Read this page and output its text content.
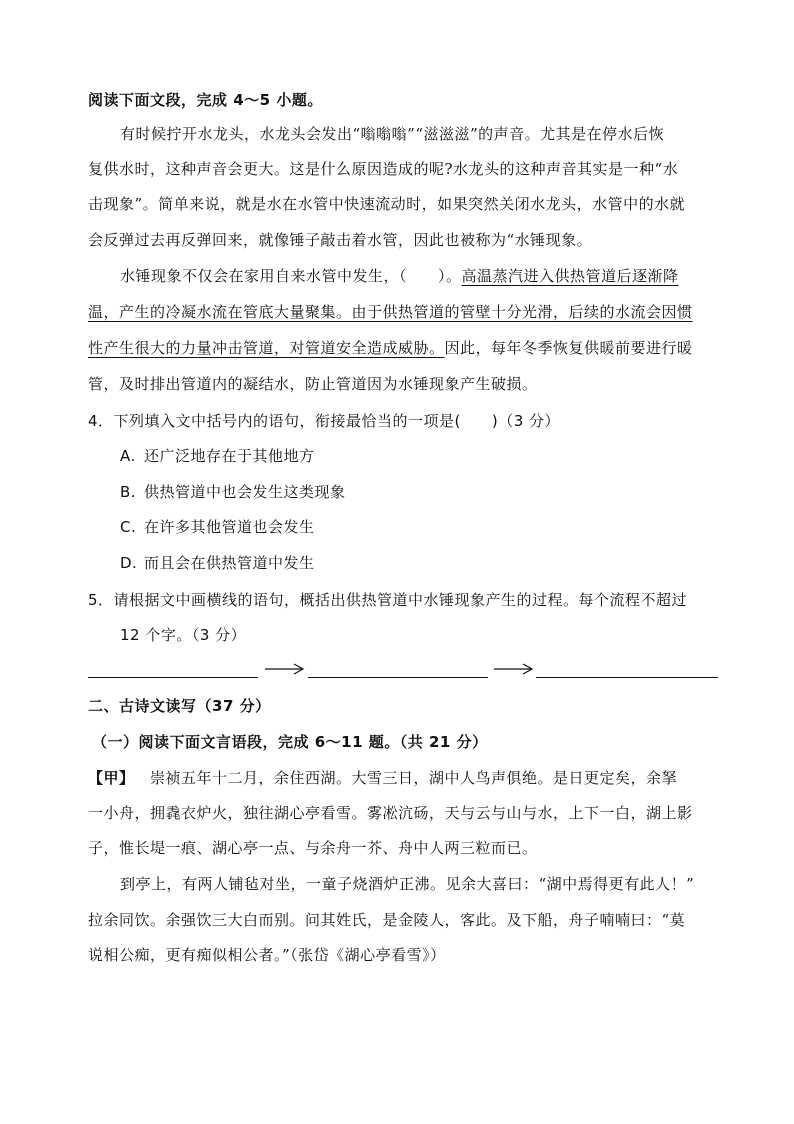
阅读下面文段，完成 4～5 小题。
有时候拧开水龙头，水龙头会发出“嗡嗡嗡”“滋滋滋”的声音。尤其是在停水后恢
复供水时，这种声音会更大。这是什么原因造成的呢?水龙头的这种声音其实是一种“水
击现象”。简单来说，就是水在水管中快速流动时，如果突然关闭水龙头，水管中的水就
会反弹过去再反弹回来，就像锤子敲击着水管，因此也被称为“水锤现象。
水锤现象不仅会在家用自来水管中发生，（　　）。高温蒸汽进入供热管道后逐渐降
温，产生的冷凝水流在管底大量聚集。由于供热管道的管壁十分光滑，后续的水流会因惯
性产生很大的力量冲击管道，对管道安全造成威胁。因此，每年冬季恢复供暖前要进行暖
管，及时排出管道内的凝结水，防止管道因为水锤现象产生破损。
4．下列填入文中括号内的语句，衔接最恰当的一项是(　　)（3 分）
A. 还广泛地存在于其他地方
B. 供热管道中也会发生这类现象
C. 在许多其他管道也会发生
D. 而且会在供热管道中发生
5．请根据文中画横线的语句，概括出供热管道中水锤现象产生的过程。每个流程不超过
12 个字。（3 分）
二、古诗文读写（37 分）
（一）阅读下面文言语段，完成 6～11 题。（共 21 分）
【甲】 崇祯五年十二月，余住西湖。大雪三日，湖中人鸟声俱绝。是日更定矣，余拏
一小舟，拥毳衣炉火，独往湖心亭看雪。雾凇沆砀，天与云与山与水，上下一白，湖上影
子，惟长堤一痕、湖心亭一点、与余舟一芥、舟中人两三粒而已。
到亭上，有两人铺毡对坐，一童子烧酒炉正沸。见余大喜曰：“湖中焉得更有此人！”
拉余同饮。余强饮三大白而别。问其姓氏，是金陵人，客此。及下船，舟子喃喃曰：“莫
说相公痴，更有痴似相公者。”（张岱《湖心亭看雪》）
